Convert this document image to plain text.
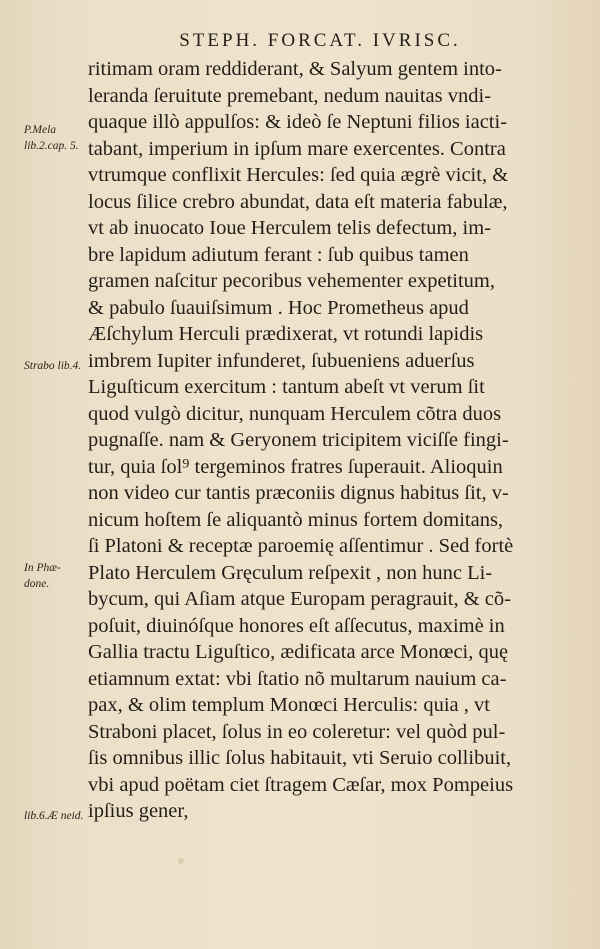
STEPH. FORCAT. IVRISC.
P.Mela lib.2.cap. 5.
Strabo lib.4.
In Phæ- done.
lib.6.Æ neid.
ritimam oram reddiderant, & Salyum gentem into-
leranda ſeruitute premebant, nedum nauitas vndi-
quaque illò appulſos: & ideò ſe Neptuni filios iacti-
tabant, imperium in ipſum mare exercentes. Contra
vtrumque conflixit Hercules: ſed quia ægrè vicit, &
locus ſilice crebro abundat, data eſt materia fabulæ,
vt ab inuocato Ioue Herculem telis defectum, im-
bre lapidum adiutum ferant : ſub quibus tamen
gramen naſcitur pecoribus vehementer expetitum,
& pabulo ſuauiſsimum . Hoc Prometheus apud
Æſchylum Herculi prædixerat, vt rotundi lapidis
imbrem Iupiter infunderet, ſubueniens aduerſus
Liguſticum exercitum : tantum abeſt vt verum ſit
quod vulgò dicitur, nunquam Herculem cõtra duos
pugnaſſe. nam & Geryonem tricipitem viciſſe fingi-
tur, quia ſol⁹ tergeminos fratres ſuperauit. Alioquin
non video cur tantis præconiis dignus habitus ſit, v-
nicum hoſtem ſe aliquantò minus fortem domitans,
ſi Platoni & receptæ paroemię aſſentimur . Sed fortè
Plato Herculem Gręculum reſpexit , non hunc Li-
bycum, qui Aſiam atque Europam peragrauit, & cõ-
poſuit, diuinóſque honores eſt aſſecutus, maximè in
Gallia tractu Liguſtico, ædificata arce Monœci, quę
etiamnum extat: vbi ſtatio nõ multarum nauium ca-
pax, & olim templum Monœci Herculis: quia , vt
Straboni placet, ſolus in eo coleretur: vel quòd pul-
ſis omnibus illic ſolus habitauit, vti Seruio collibuit,
vbi apud poëtam ciet ſtragem Cæſar, mox Pompeius
ipſius gener,
